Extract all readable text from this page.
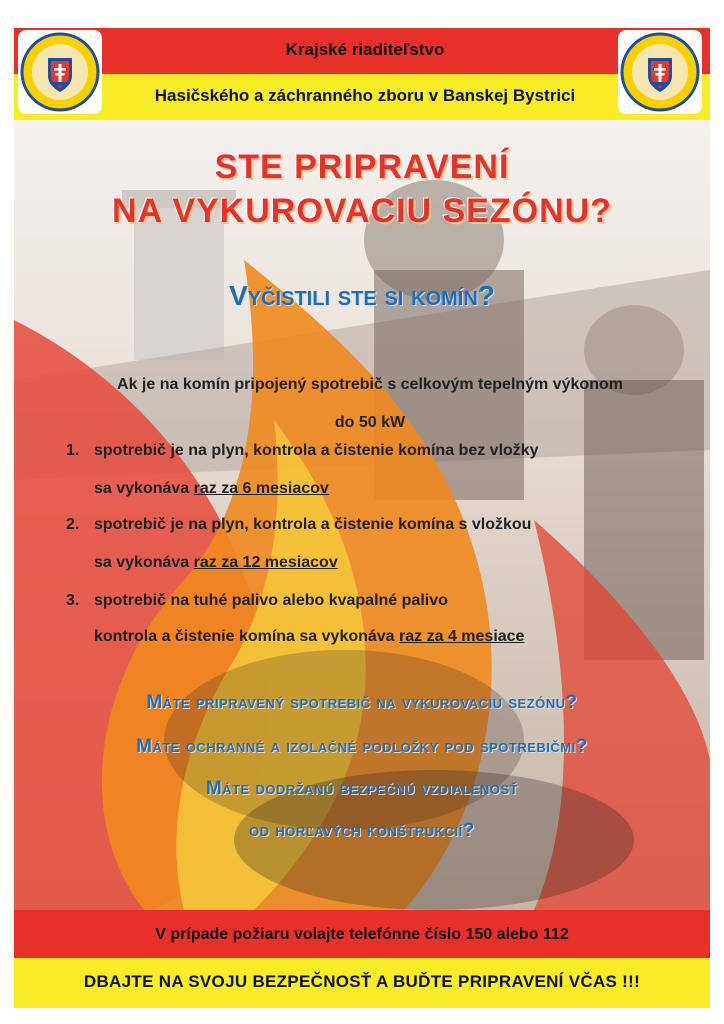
Krajské riaditeľstvo
Hasičského a záchranného zboru v Banskej Bystrici
STE PRIPRAVENÍ
NA VYKUROVACIU SEZÓNU?
Vyčistili ste si komín?
Ak je na komín pripojený spotrebič s celkovým tepelným výkonom
do 50 kW
1. spotrebič je na plyn, kontrola a čistenie komína bez vložky
sa vykonáva raz za 6 mesiacov
2. spotrebič je na plyn, kontrola a čistenie komína s vložkou
sa vykonáva raz za 12 mesiacov
3. spotrebič na tuhé palivo alebo kvapalné palivo
kontrola a čistenie komína sa vykonáva raz za 4 mesiace
Máte pripravený spotrebič na vykurovaciu sezónu?
Máte ochranné a izolačné podložky pod spotrebičmi?
Máte dodržanú bezpečnú vzdialenosť
od horľavých konštrukcií?
V prípade požiaru volajte telefónne číslo 150 alebo 112
DBAJTE NA SVOJU BEZPEČNOSŤ A BUĎTE PRIPRAVENÍ VČAS !!!
